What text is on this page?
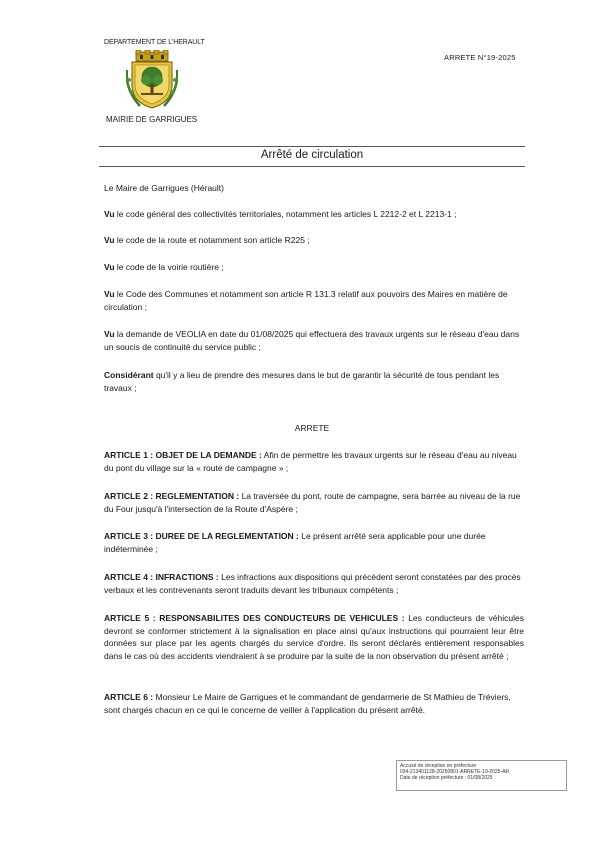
DEPARTEMENT DE L'HERAULT
MAIRIE DE GARRIGUES
ARRETE N°19-2025
Arrêté de circulation
Le Maire de Garrigues (Hérault)
Vu le code général des collectivités territoriales, notamment les articles L 2212-2 et L 2213-1 ;
Vu le code de la route et notamment son article R225 ;
Vu le code de la voirie routière ;
Vu le Code des Communes et notamment son article R 131.3 relatif aux pouvoirs des Maires en matière de circulation ;
Vu la demande de VEOLIA en date du 01/08/2025 qui effectuera des travaux urgents sur le réseau d'eau dans un soucis de continuité du service public ;
Considérant qu'il y a lieu de prendre des mesures dans le but de garantir la sécurité de tous pendant les travaux ;
ARRETE
ARTICLE 1 : OBJET DE LA DEMANDE : Afin de permettre les travaux urgents sur le réseau d'eau au niveau du pont du village sur la « route de campagne » ;
ARTICLE 2 : REGLEMENTATION : La traversée du pont, route de campagne, sera barrée au niveau de la rue du Four jusqu'à l'intersection de la Route d'Aspère ;
ARTICLE 3 : DUREE DE LA REGLEMENTATION : Le présent arrêté sera applicable pour une durée indéterminée ;
ARTICLE 4 : INFRACTIONS : Les infractions aux dispositions qui précèdent seront constatées par des procès verbaux et les contrevenants seront traduits devant les tribunaux compétents ;
ARTICLE 5 : RESPONSABILITES DES CONDUCTEURS DE VEHICULES : Les conducteurs de véhicules devront se conformer strictement à la signalisation en place ainsi qu'aux instructions qui pourraient leur être données sur place par les agents chargés du service d'ordre. Ils seront déclarés entièrement responsables dans le cas où des accidents viendraient à se produire par la suite de la non observation du présent arrêté ;
ARTICLE 6 : Monsieur Le Maire de Garrigues et le commandant de gendarmerie de St Mathieu de Tréviers, sont chargés chacun en ce qui le concerne de veiller à l'application du présent arrêté.
Accusé de réception en préfecture
034-213401128-20250801-ARRETE-19-2025-AR
Date de réception préfecture : 01/08/2025
